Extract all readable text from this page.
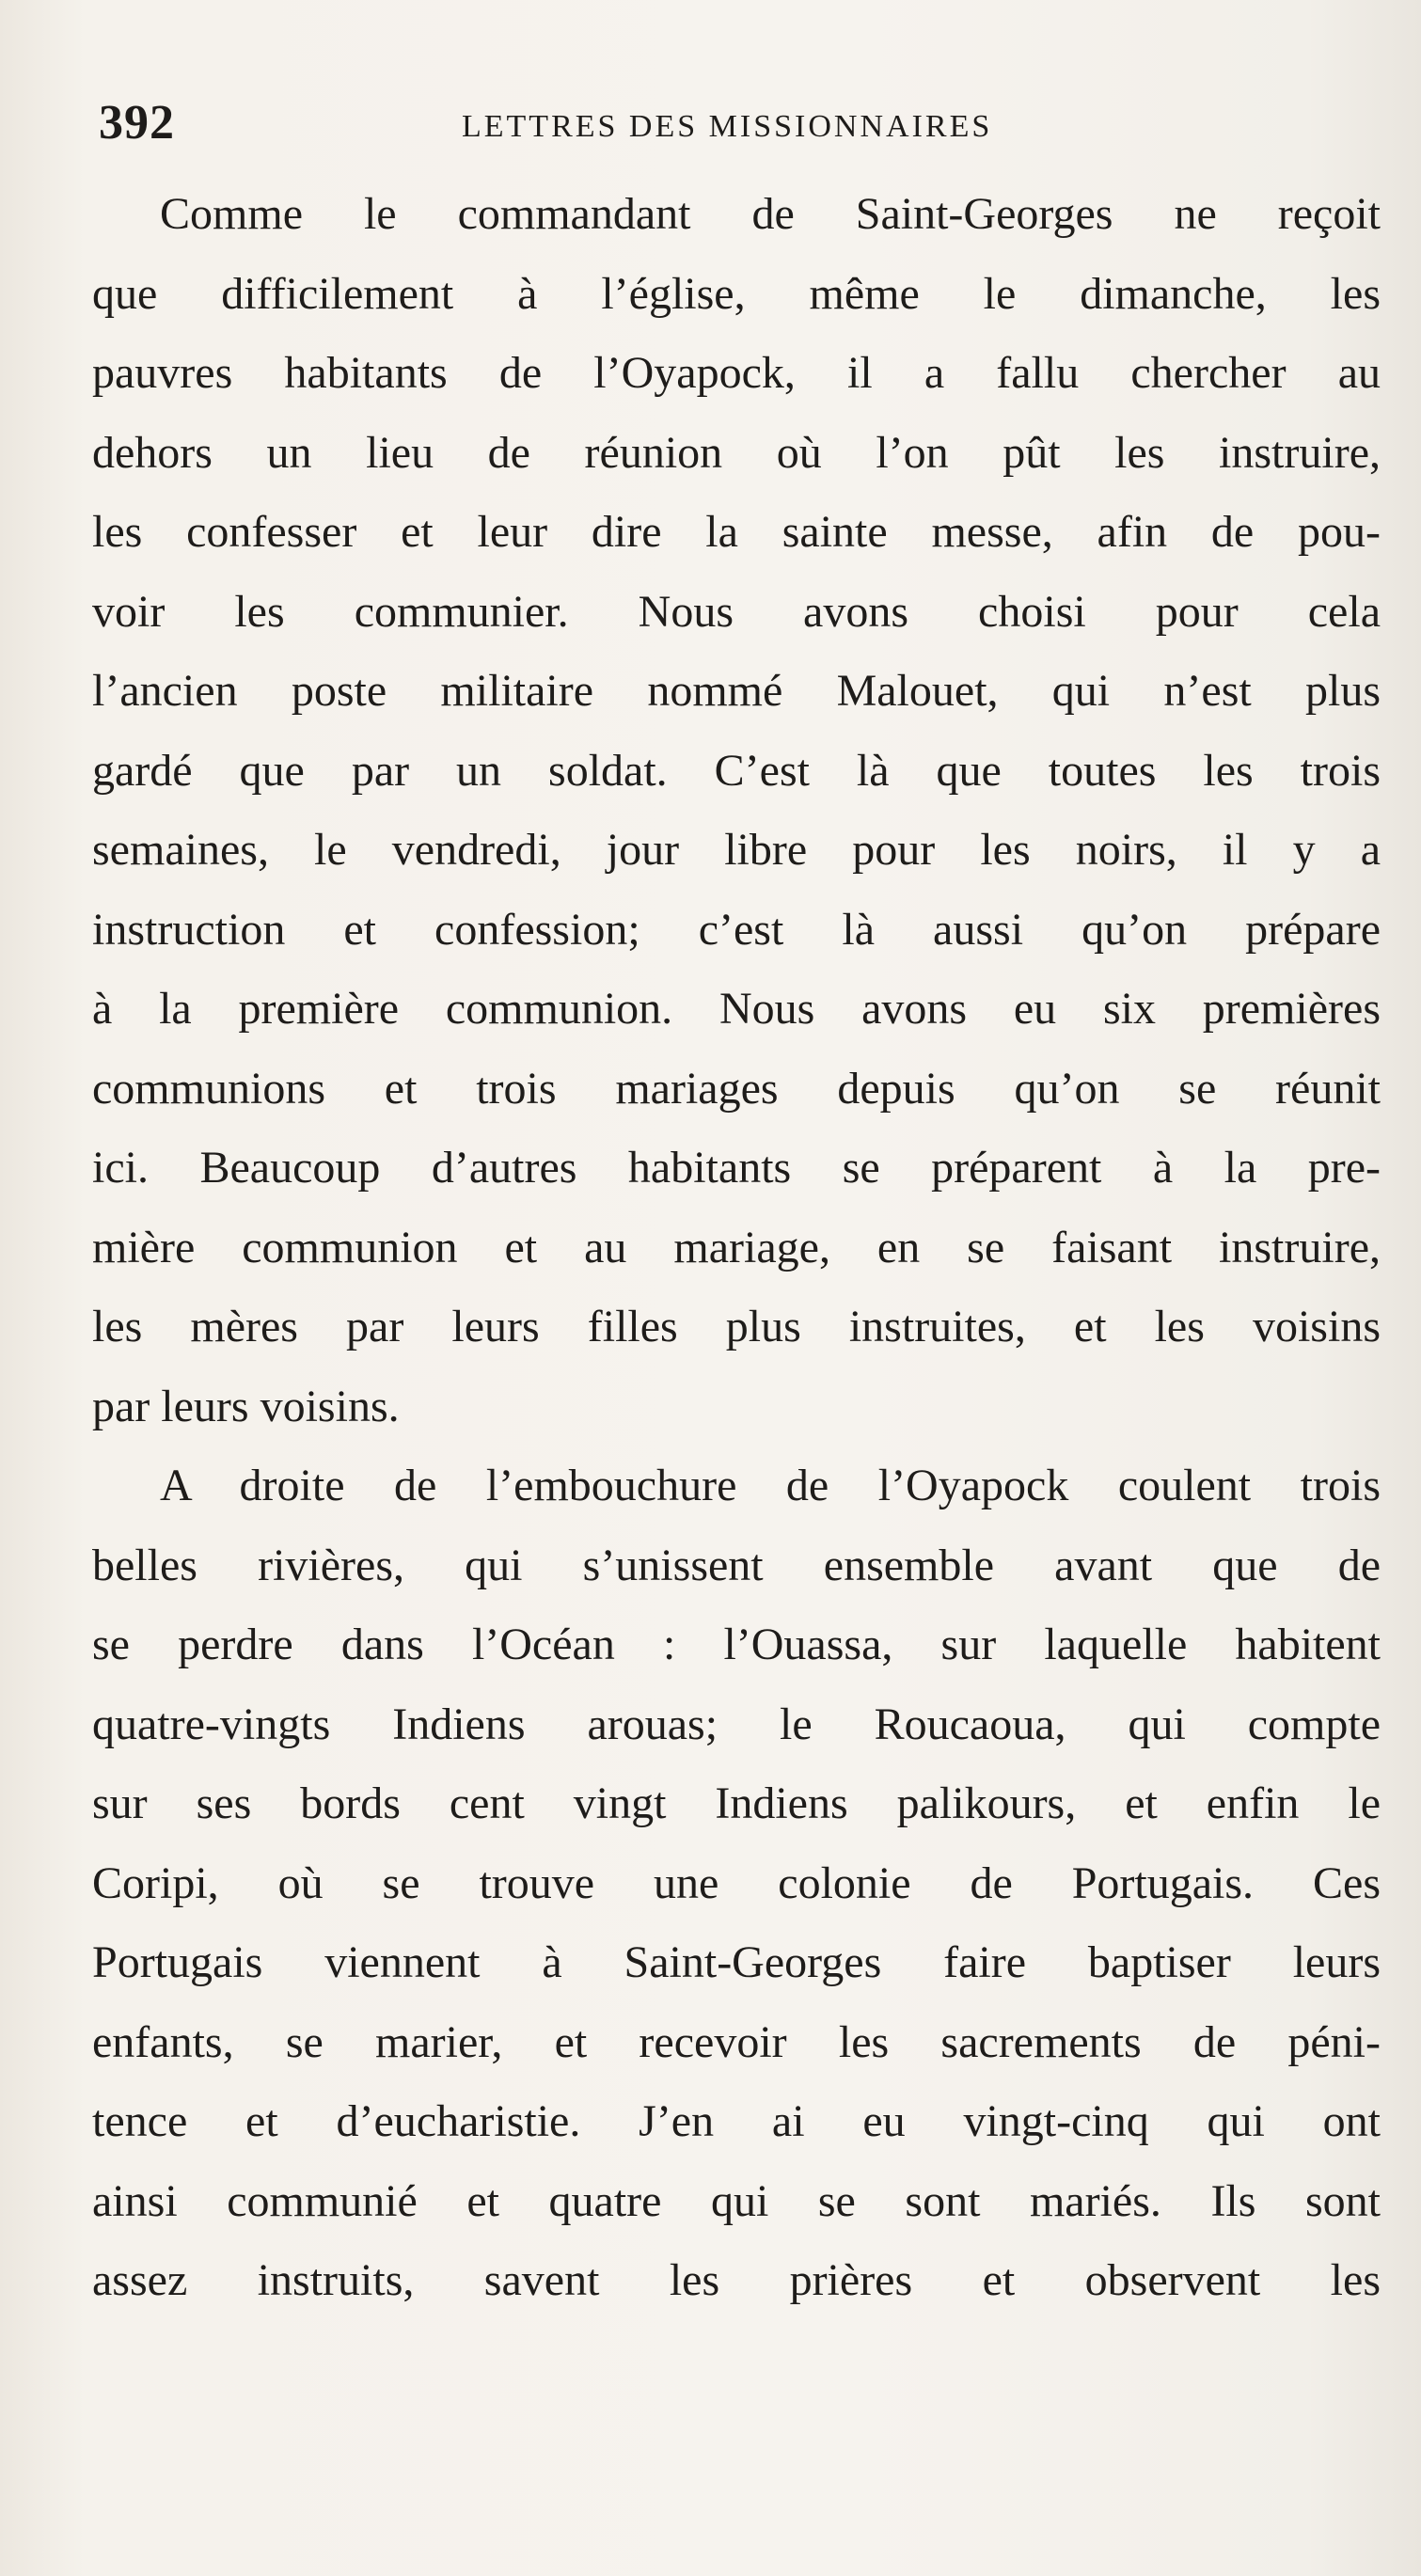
392	LETTRES DES MISSIONNAIRES
Comme le commandant de Saint-Georges ne reçoit
que difficilement à l’église, même le dimanche, les
pauvres habitants de l’Oyapock, il a fallu chercher au
dehors un lieu de réunion où l’on pût les instruire,
les confesser et leur dire la sainte messe, afin de pou-
voir les communier. Nous avons choisi pour cela
l’ancien poste militaire nommé Malouet, qui n’est plus
gardé que par un soldat. C’est là que toutes les trois
semaines, le vendredi, jour libre pour les noirs, il y a
instruction et confession; c’est là aussi qu’on prépare
à la première communion. Nous avons eu six premières
communions et trois mariages depuis qu’on se réunit
ici. Beaucoup d’autres habitants se préparent à la pre-
mière communion et au mariage, en se faisant instruire,
les mères par leurs filles plus instruites, et les voisins
par leurs voisins.
A droite de l’embouchure de l’Oyapock coulent trois
belles rivières, qui s’unissent ensemble avant que de
se perdre dans l’Océan : l’Ouassa, sur laquelle habitent
quatre-vingts Indiens arouas; le Roucaoua, qui compte
sur ses bords cent vingt Indiens palikours, et enfin le
Coripi, où se trouve une colonie de Portugais. Ces
Portugais viennent à Saint-Georges faire baptiser leurs
enfants, se marier, et recevoir les sacrements de péni-
tence et d’eucharistie. J’en ai eu vingt-cinq qui ont
ainsi communié et quatre qui se sont mariés. Ils sont
assez instruits, savent les prières et observent les
